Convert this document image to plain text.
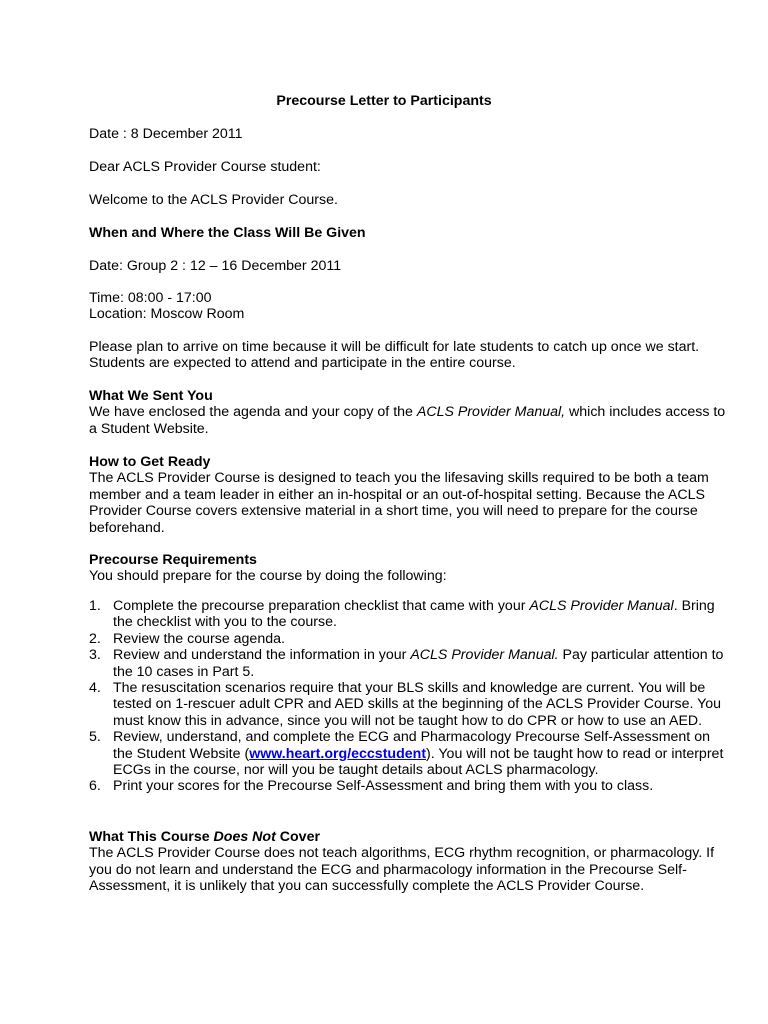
Precourse Letter to Participants

Date : 8 December 2011

Dear ACLS Provider Course student:

Welcome to the ACLS Provider Course.

When and Where the Class Will Be Given

Date: Group 2 : 12 – 16 December 2011

Time: 08:00 - 17:00
Location: Moscow Room

Please plan to arrive on time because it will be difficult for late students to catch up once we start. Students are expected to attend and participate in the entire course.

What We Sent You
We have enclosed the agenda and your copy of the ACLS Provider Manual, which includes access to a Student Website.
How to Get Ready
The ACLS Provider Course is designed to teach you the lifesaving skills required to be both a team member and a team leader in either an in-hospital or an out-of-hospital setting. Because the ACLS Provider Course covers extensive material in a short time, you will need to prepare for the course beforehand.
Precourse Requirements
You should prepare for the course by doing the following:
1. Complete the precourse preparation checklist that came with your ACLS Provider Manual. Bring the checklist with you to the course.
2. Review the course agenda.
3. Review and understand the information in your ACLS Provider Manual. Pay particular attention to the 10 cases in Part 5.
4. The resuscitation scenarios require that your BLS skills and knowledge are current. You will be tested on 1-rescuer adult CPR and AED skills at the beginning of the ACLS Provider Course. You must know this in advance, since you will not be taught how to do CPR or how to use an AED.
5. Review, understand, and complete the ECG and Pharmacology Precourse Self-Assessment on the Student Website (www.heart.org/eccstudent). You will not be taught how to read or interpret ECGs in the course, nor will you be taught details about ACLS pharmacology.
6. Print your scores for the Precourse Self-Assessment and bring them with you to class.
What This Course Does Not Cover
The ACLS Provider Course does not teach algorithms, ECG rhythm recognition, or pharmacology. If you do not learn and understand the ECG and pharmacology information in the Precourse Self-Assessment, it is unlikely that you can successfully complete the ACLS Provider Course.
